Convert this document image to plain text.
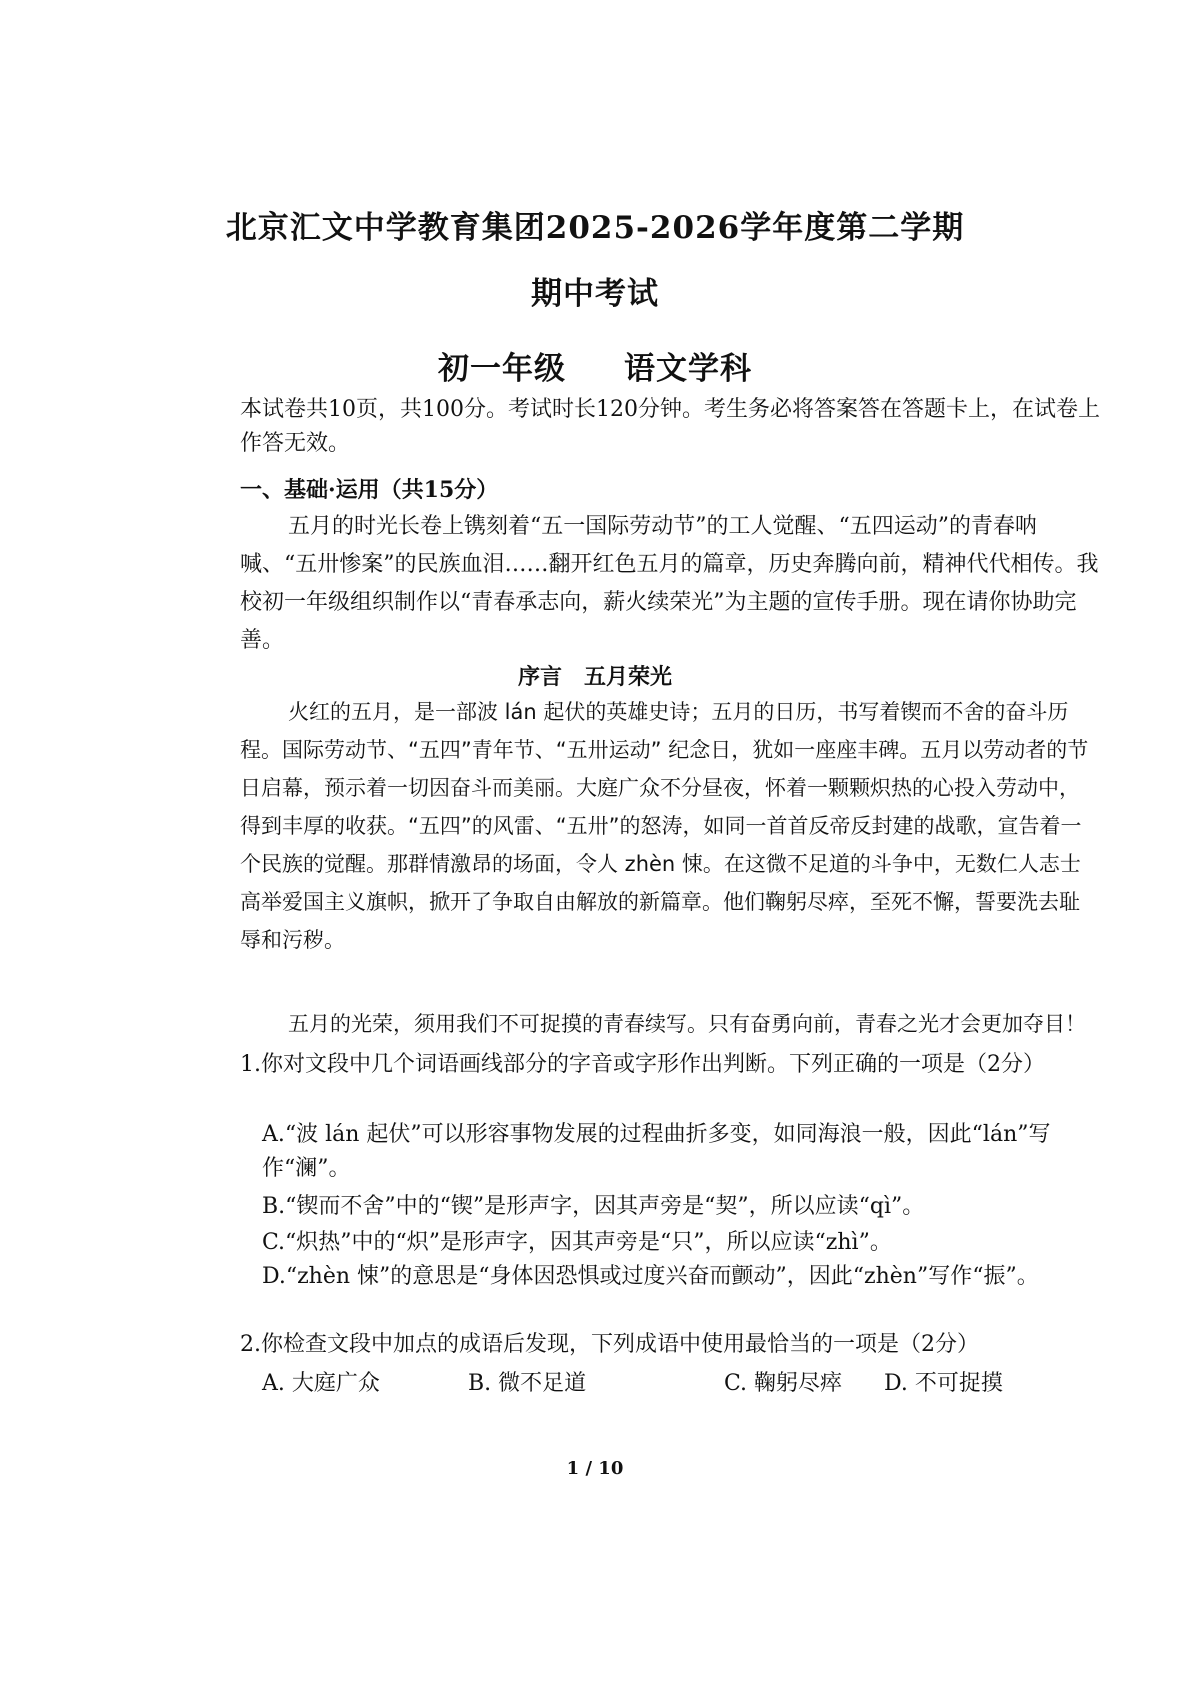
北京汇文中学教育集团2025-2026学年度第二学期
期中考试
初一年级 语文学科

本试卷共10页，共100分。考试时长120分钟。考生务必将答案答在答题卡上，在试卷上作答无效。

一、基础·运用（共15分）

五月的时光长卷上镌刻着“五一国际劳动节”的工人觉醒、“五四运动”的青春呐喊、“五卅惨案”的民族血泪……翻开红色五月的篇章，历史奔腾向前，精神代代相传。我校初一年级组织制作以“青春承志向，薪火续荣光”为主题的宣传手册。现在请你协助完善。

序言　五月荣光

火红的五月，是一部波 lán 起伏的英雄史诗；五月的日历，书写着锲而不舍的奋斗历程。国际劳动节、“五四”青年节、“五卅运动” 纪念日，犹如一座座丰碑。五月以劳动者的节日启幕，预示着一切因奋斗而美丽。大庭广众不分昼夜，怀着一颗颗炽热的心投入劳动中，得到丰厚的收获。“五四”的风雷、“五卅”的怒涛，如同一首首反帝反封建的战歌，宣告着一个民族的觉醒。那群情激昂的场面，令人 zhèn 悚。在这微不足道的斗争中，无数仁人志士高举爱国主义旗帜，掀开了争取自由解放的新篇章。他们鞠躬尽瘁，至死不懈，誓要洗去耻辱和污秽。

五月的光荣，须用我们不可捉摸的青春续写。只有奋勇向前，青春之光才会更加夺目！

1.你对文段中几个词语画线部分的字音或字形作出判断。下列正确的一项是（2分）

A.“波 lán 起伏”可以形容事物发展的过程曲折多变，如同海浪一般，因此“lán”写作“澜”。

B.“锲而不舍”中的“锲”是形声字，因其声旁是“契”，所以应读“qì”。

C.“炽热”中的“炽”是形声字，因其声旁是“只”，所以应读“zhì”。

D.“zhèn 悚”的意思是“身体因恐惧或过度兴奋而颤动”，因此“zhèn”写作“振”。

2.你检查文段中加点的成语后发现，下列成语中使用最恰当的一项是（2分）

A. 大庭广众	B. 微不足道	C. 鞠躬尽瘁 D. 不可捉摸
1 / 10
